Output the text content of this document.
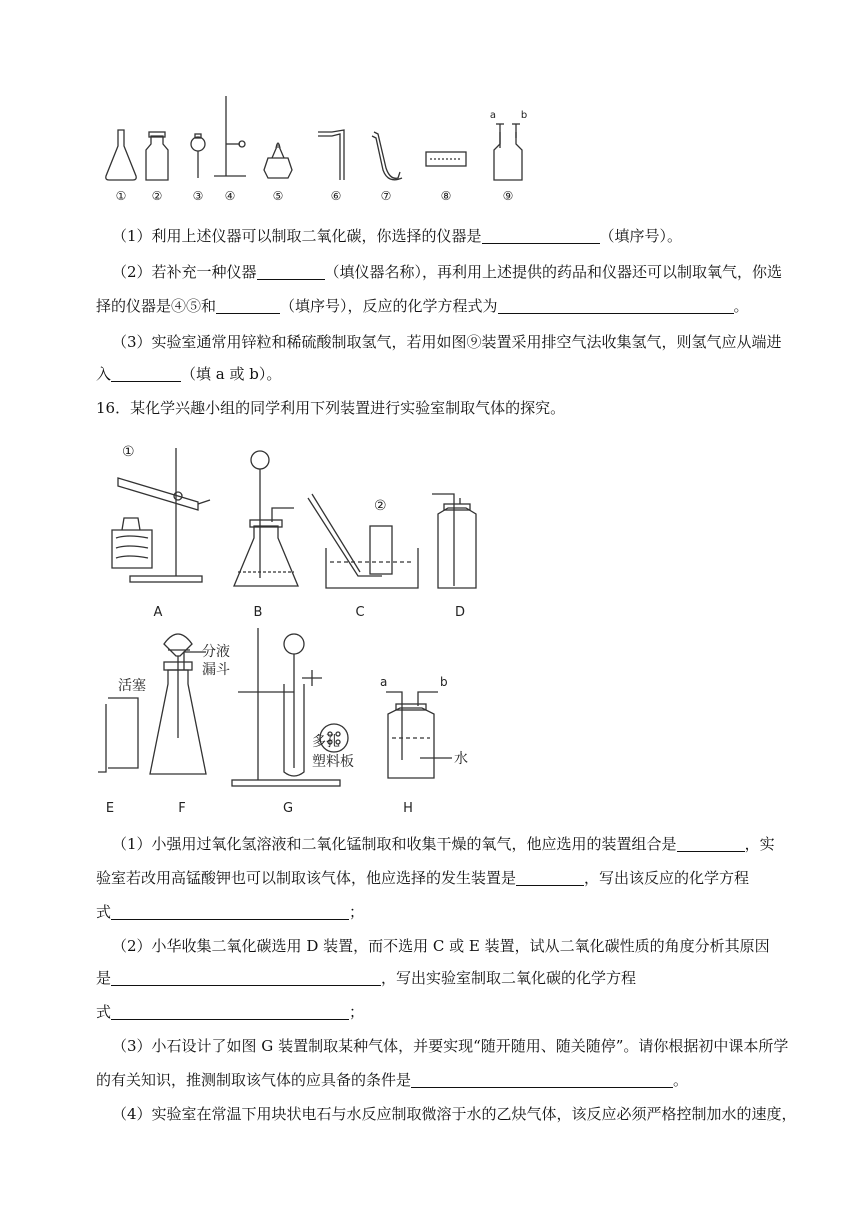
a b
① ②	③ ④	⑤	⑥	⑦	⑧	⑨
（1）利用上述仪器可以制取二氧化碳，你选择的仪器是	（填序号）。
（2）若补充一种仪器	（填仪器名称），再利用上述提供的药品和仪器还可以制取氧气，你选
择的仪器是④⑤和	（填序号），反应的化学方程式为	。
（3）实验室通常用锌粒和稀硫酸制取氢气，若用如图⑨装置采用排空气法收集氢气，则氢气应从端进
入	（填 a 或 b）。
16．某化学兴趣小组的同学利用下列装置进行实验室制取气体的探究。
①
②
分液
漏斗
活塞
多孔
塑料板	水
a	b
A	B	C	D
E	F	G	H
（1）小强用过氧化氢溶液和二氧化锰制取和收集干燥的氧气，他应选用的装置组合是	，实
验室若改用高锰酸钾也可以制取该气体，他应选择的发生装置是	，写出该反应的化学方程
式	；
（2）小华收集二氧化碳选用 D 装置，而不选用 C 或 E 装置，试从二氧化碳性质的角度分析其原因
是	，写出实验室制取二氧化碳的化学方程
式	；
（3）小石设计了如图 G 装置制取某种气体，并要实现“随开随用、随关随停”。请你根据初中课本所学
的有关知识，推测制取该气体的应具备的条件是	。
（4）实验室在常温下用块状电石与水反应制取微溶于水的乙炔气体，该反应必须严格控制加水的速度，
